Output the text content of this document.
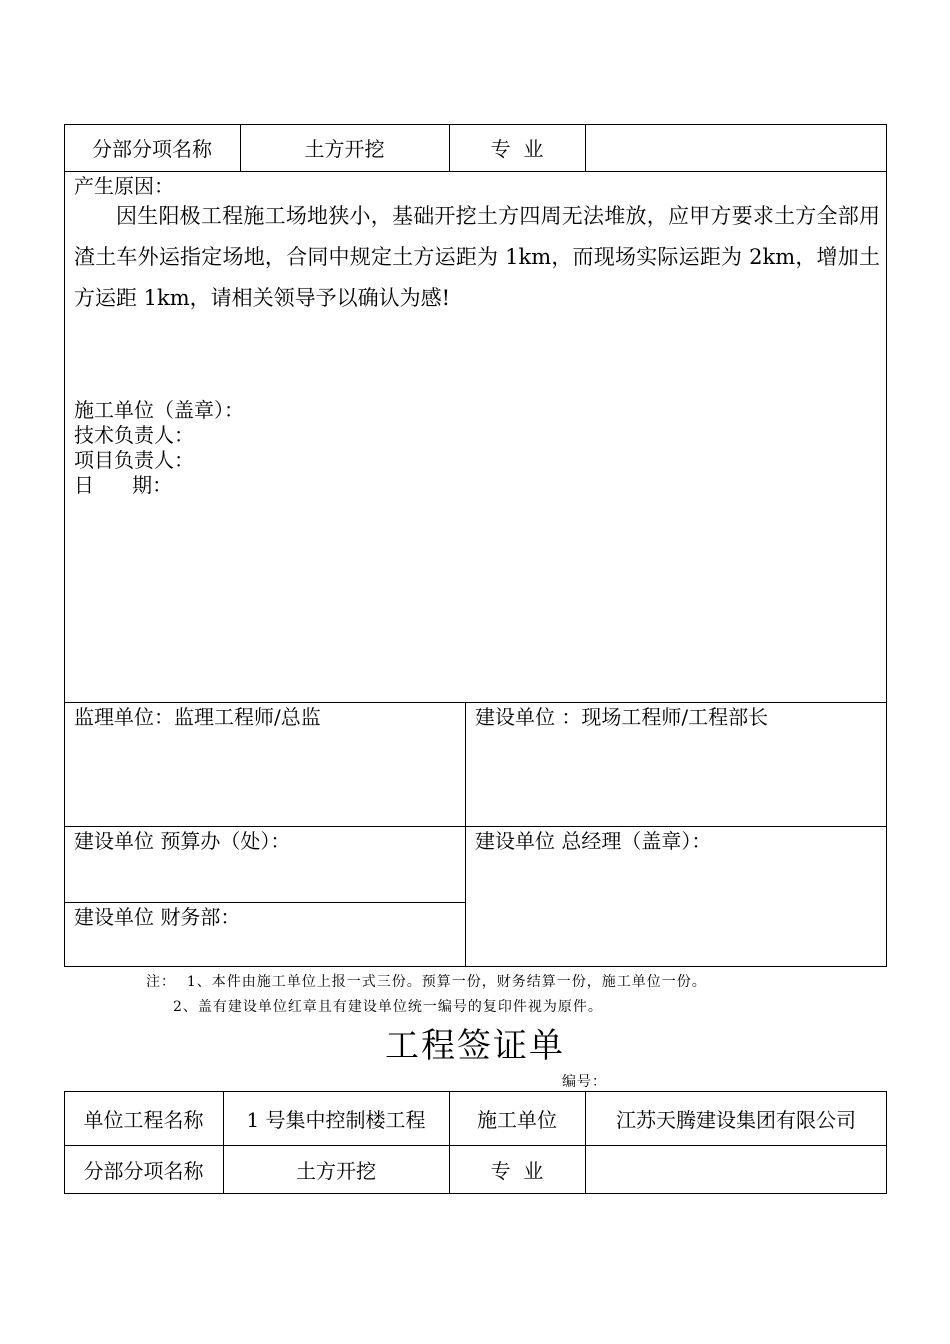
分部分项名称	土方开挖	专  业
产生原因：
因生阳极工程施工场地狭小，基础开挖土方四周无法堆放，应甲方要求土方全部用渣土车外运指定场地，合同中规定土方运距为 1km，而现场实际运距为 2km，增加土方运距 1km，请相关领导予以确认为感!
施工单位（盖章）：
技术负责人：
项目负责人：
日      期：
监理单位：监理工程师/总监	建设单位 ：现场工程师/工程部长
建设单位 预算办（处）：	建设单位 总经理（盖章）：
建设单位 财务部：
注：  1、本件由施工单位上报一式三份。预算一份，财务结算一份，施工单位一份。
2、盖有建设单位红章且有建设单位统一编号的复印件视为原件。
工程签证单
编号：
单位工程名称	1 号集中控制楼工程	施工单位	江苏天腾建设集团有限公司
分部分项名称	土方开挖	专  业
